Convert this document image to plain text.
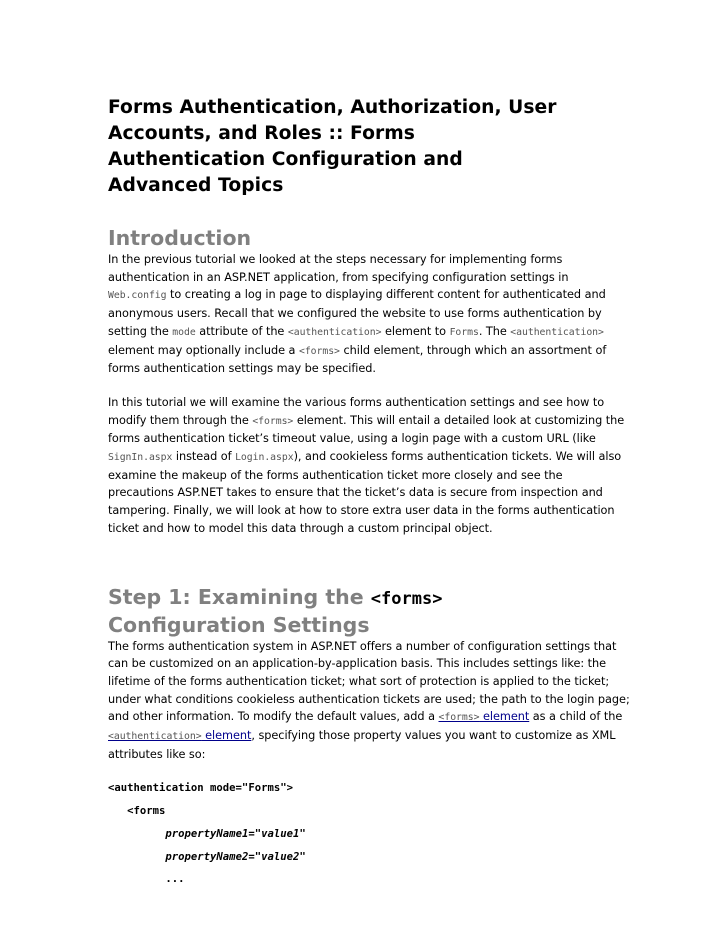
Forms Authentication, Authorization, User
Accounts, and Roles :: Forms
Authentication Configuration and
Advanced Topics
Introduction

In the previous tutorial we looked at the steps necessary for implementing forms authentication in an ASP.NET application, from specifying configuration settings in Web.config to creating a log in page to displaying different content for authenticated and anonymous users. Recall that we configured the website to use forms authentication by setting the mode attribute of the <authentication> element to Forms. The <authentication> element may optionally include a <forms> child element, through which an assortment of forms authentication settings may be specified.

In this tutorial we will examine the various forms authentication settings and see how to modify them through the <forms> element. This will entail a detailed look at customizing the forms authentication ticket’s timeout value, using a login page with a custom URL (like SignIn.aspx instead of Login.aspx), and cookieless forms authentication tickets. We will also examine the makeup of the forms authentication ticket more closely and see the precautions ASP.NET takes to ensure that the ticket’s data is secure from inspection and tampering. Finally, we will look at how to store extra user data in the forms authentication ticket and how to model this data through a custom principal object.

Step 1: Examining the <forms>
Configuration Settings

The forms authentication system in ASP.NET offers a number of configuration settings that can be customized on an application-by-application basis. This includes settings like: the lifetime of the forms authentication ticket; what sort of protection is applied to the ticket; under what conditions cookieless authentication tickets are used; the path to the login page; and other information. To modify the default values, add a <forms> element as a child of the <authentication> element, specifying those property values you want to customize as XML attributes like so:

<authentication mode="Forms">
<forms
propertyName1="value1"
propertyName2="value2"
...
